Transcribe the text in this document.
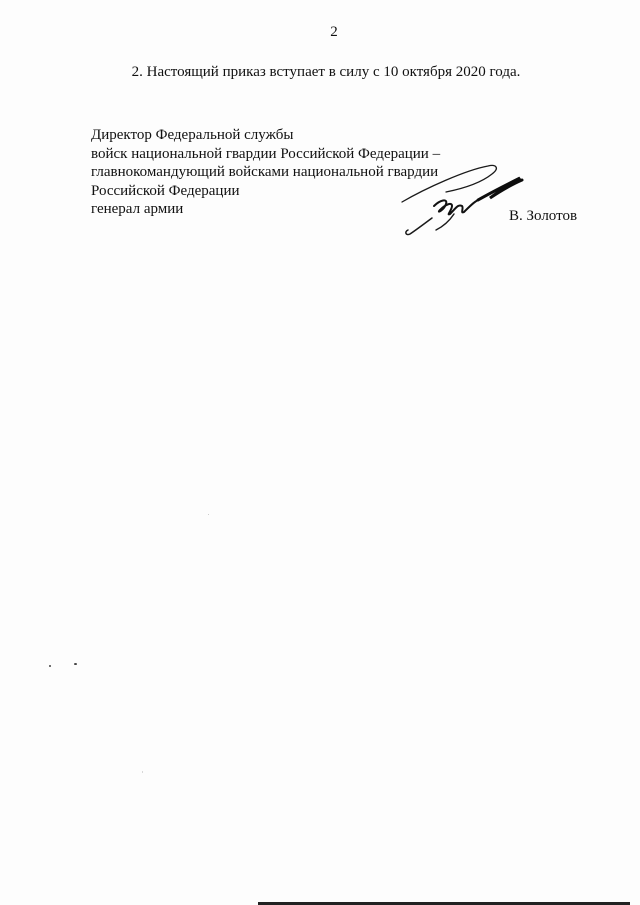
2
2. Настоящий приказ вступает в силу с 10 октября 2020 года.
Директор Федеральной службы
войск национальной гвардии Российской Федерации –
главнокомандующий войсками национальной гвардии
Российской Федерации
генерал армии	В. Золотов
